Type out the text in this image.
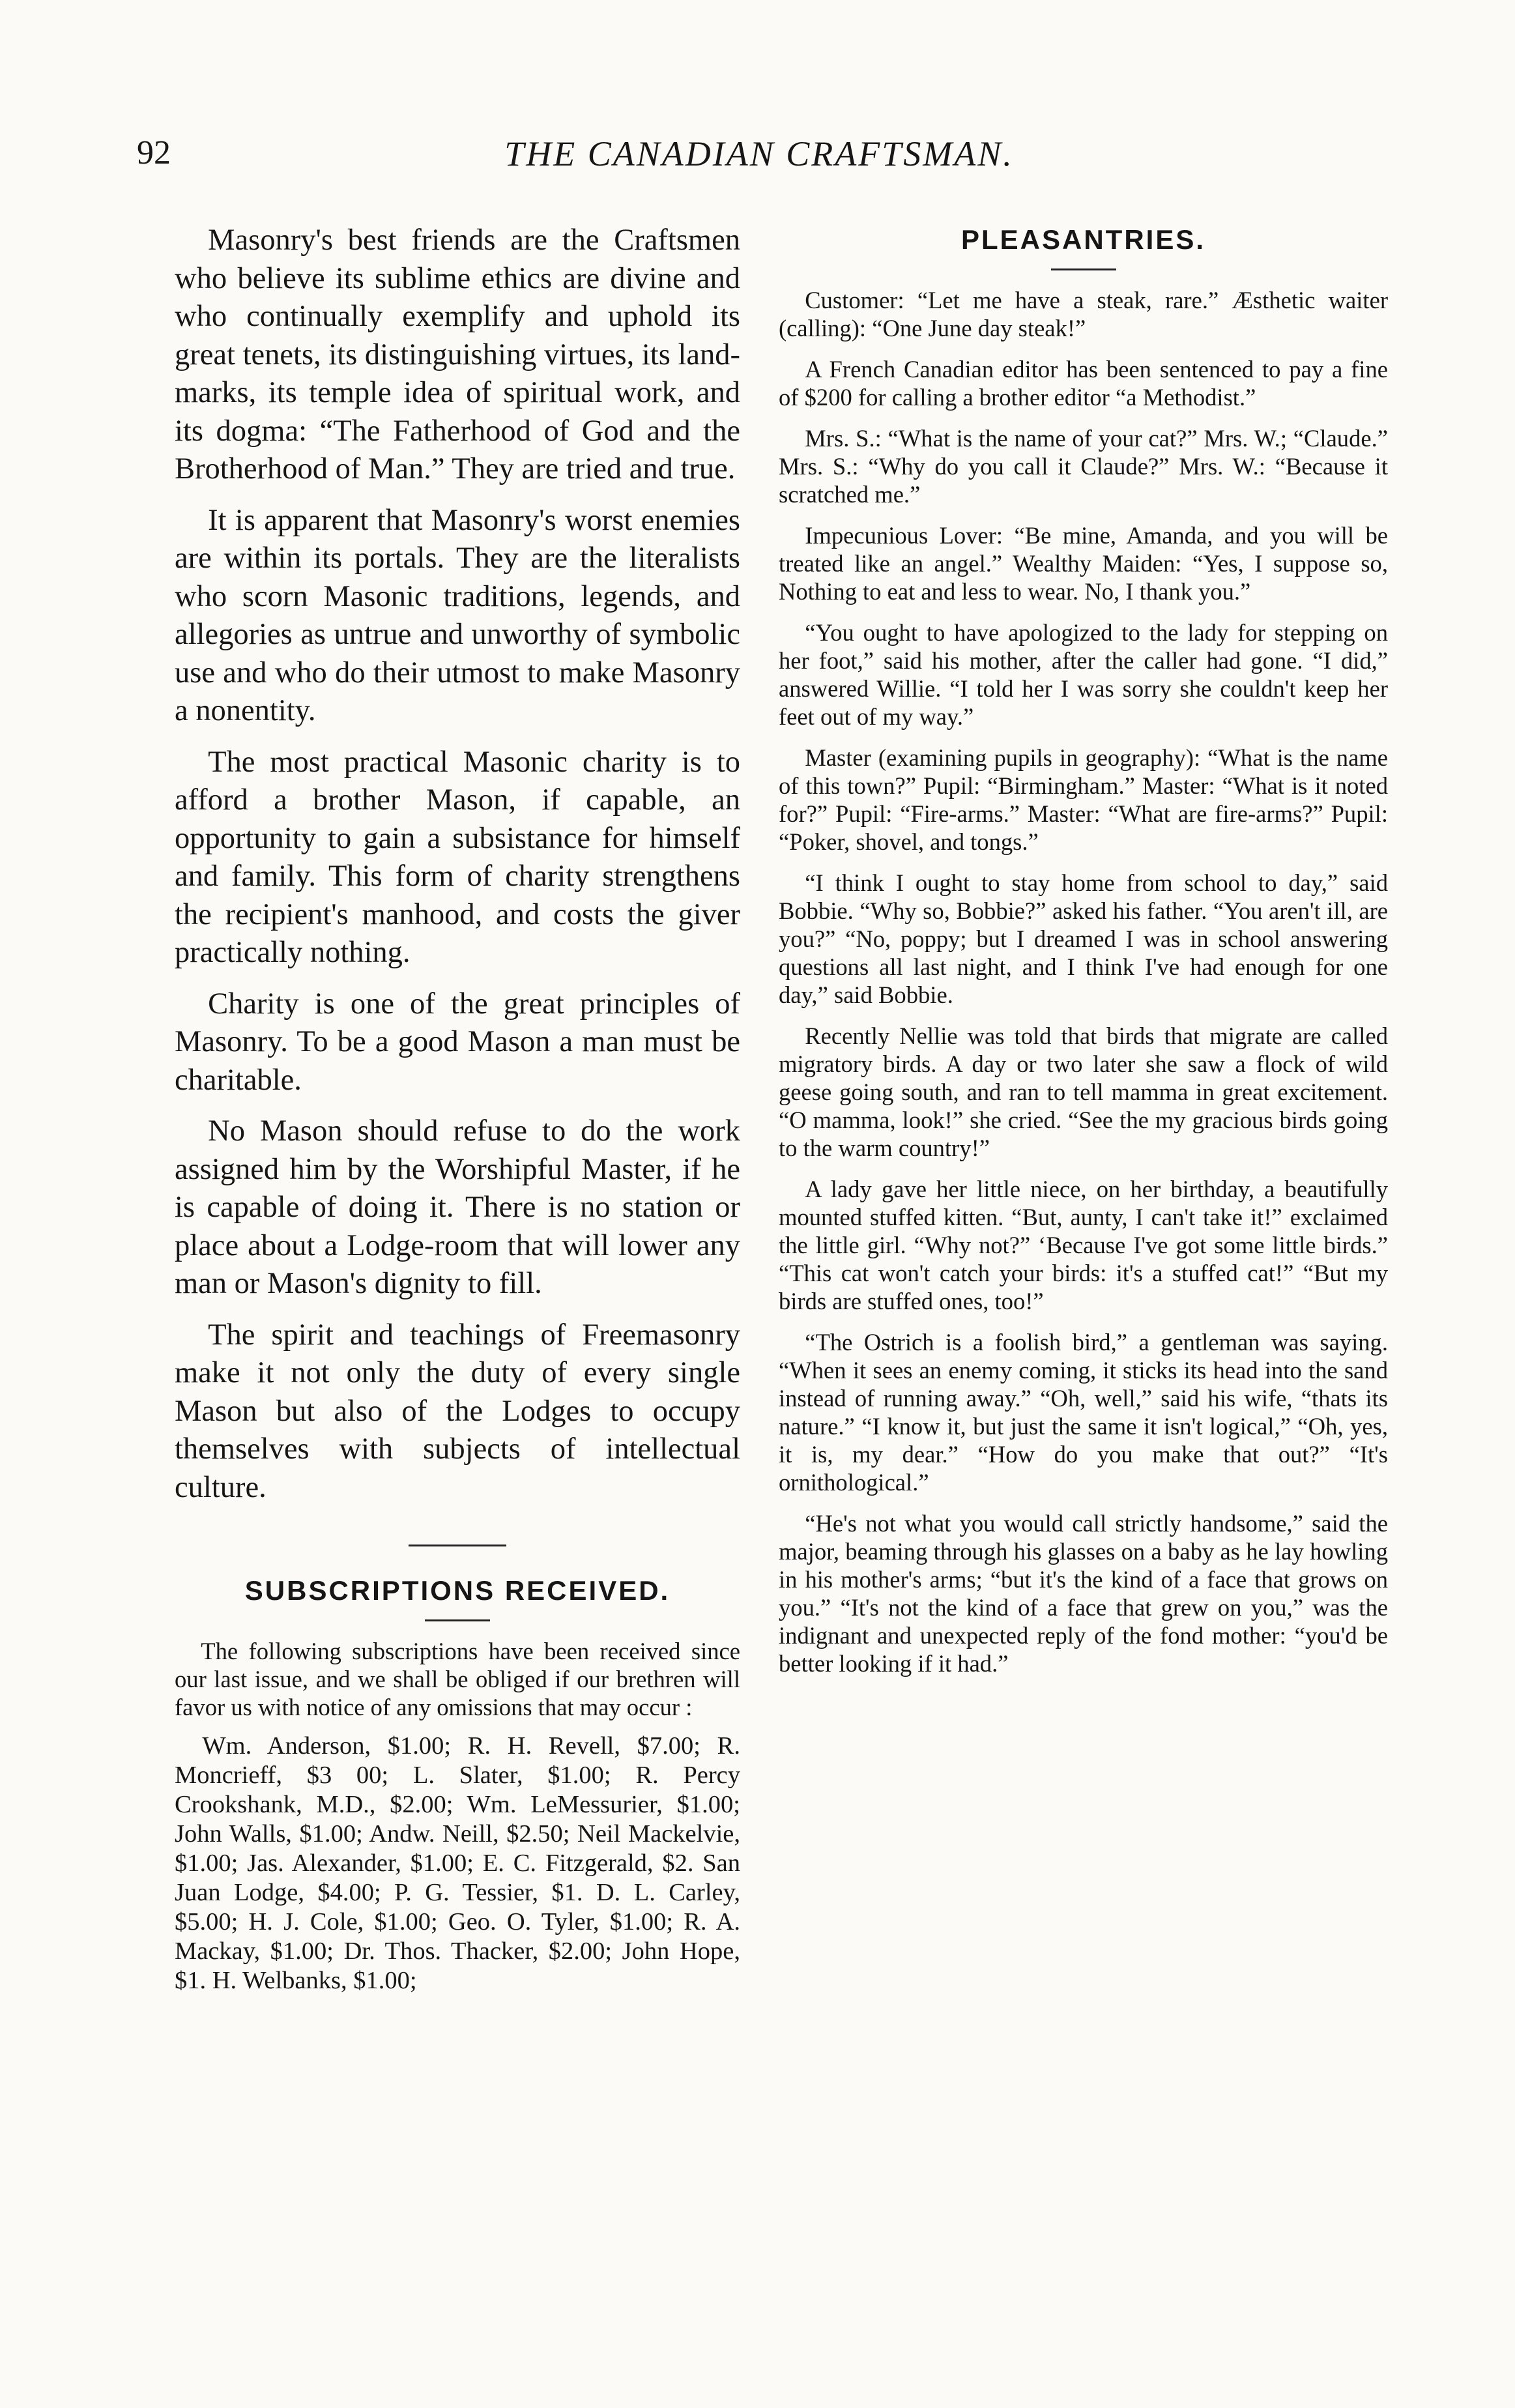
92	THE CANADIAN CRAFTSMAN.

Masonry's best friends are the Craftsmen who believe its sublime ethics are divine and who continually exemplify and uphold its great tenets, its distinguishing virtues, its land-marks, its temple idea of spiritual work, and its dogma: “The Fatherhood of God and the Brotherhood of Man.” They are tried and true.

It is apparent that Masonry's worst enemies are within its portals. They are the literalists who scorn Masonic traditions, legends, and allegories as untrue and unworthy of symbolic use and who do their utmost to make Masonry a nonentity.

The most practical Masonic charity is to afford a brother Mason, if capable, an opportunity to gain a subsistance for himself and family. This form of charity strengthens the recipient's manhood, and costs the giver practically nothing.

Charity is one of the great principles of Masonry. To be a good Mason a man must be charitable.

No Mason should refuse to do the work assigned him by the Worshipful Master, if he is capable of doing it. There is no station or place about a Lodge-room that will lower any man or Mason's dignity to fill.

The spirit and teachings of Freemasonry make it not only the duty of every single Mason but also of the Lodges to occupy themselves with subjects of intellectual culture.

SUBSCRIPTIONS RECEIVED.

The following subscriptions have been received since our last issue, and we shall be obliged if our brethren will favor us with notice of any omissions that may occur :

Wm. Anderson, $1.00; R. H. Revell, $7.00; R. Moncrieff, $3 00; L. Slater, $1.00; R. Percy Crookshank, M.D., $2.00; Wm. LeMessurier, $1.00; John Walls, $1.00; Andw. Neill, $2.50; Neil Mackelvie, $1.00; Jas. Alexander, $1.00; E. C. Fitzgerald, $2. San Juan Lodge, $4.00; P. G. Tessier, $1. D. L. Carley, $5.00; H. J. Cole, $1.00; Geo. O. Tyler, $1.00; R. A. Mackay, $1.00; Dr. Thos. Thacker, $2.00; John Hope, $1. H. Welbanks, $1.00;

PLEASANTRIES.

Customer: “Let me have a steak, rare.” Æsthetic waiter (calling): “One June day steak!”

A French Canadian editor has been sentenced to pay a fine of $200 for calling a brother editor “a Methodist.”

Mrs. S.: “What is the name of your cat?” Mrs. W.; “Claude.” Mrs. S.: “Why do you call it Claude?” Mrs. W.: “Because it scratched me.”

Impecunious Lover: “Be mine, Amanda, and you will be treated like an angel.” Wealthy Maiden: “Yes, I suppose so, Nothing to eat and less to wear. No, I thank you.”

“You ought to have apologized to the lady for stepping on her foot,” said his mother, after the caller had gone. “I did,” answered Willie. “I told her I was sorry she couldn't keep her feet out of my way.”

Master (examining pupils in geography): “What is the name of this town?” Pupil: “Birmingham.” Master: “What is it noted for?” Pupil: “Fire-arms.” Master: “What are fire-arms?” Pupil: “Poker, shovel, and tongs.”

“I think I ought to stay home from school to day,” said Bobbie. “Why so, Bobbie?” asked his father. “You aren't ill, are you?” “No, poppy; but I dreamed I was in school answering questions all last night, and I think I've had enough for one day,” said Bobbie.

Recently Nellie was told that birds that migrate are called migratory birds. A day or two later she saw a flock of wild geese going south, and ran to tell mamma in great excitement. “O mamma, look!” she cried. “See the my gracious birds going to the warm country!”

A lady gave her little niece, on her birthday, a beautifully mounted stuffed kitten. “But, aunty, I can't take it!” exclaimed the little girl. “Why not?” ‘Because I've got some little birds.” “This cat won't catch your birds: it's a stuffed cat!” “But my birds are stuffed ones, too!”

“The Ostrich is a foolish bird,” a gentleman was saying. “When it sees an enemy coming, it sticks its head into the sand instead of running away.” “Oh, well,” said his wife, “thats its nature.” “I know it, but just the same it isn't logical,” “Oh, yes, it is, my dear.” “How do you make that out?” “It's ornithological.”

“He's not what you would call strictly handsome,” said the major, beaming through his glasses on a baby as he lay howling in his mother's arms; “but it's the kind of a face that grows on you.” “It's not the kind of a face that grew on you,” was the indignant and unexpected reply of the fond mother: “you'd be better looking if it had.”
